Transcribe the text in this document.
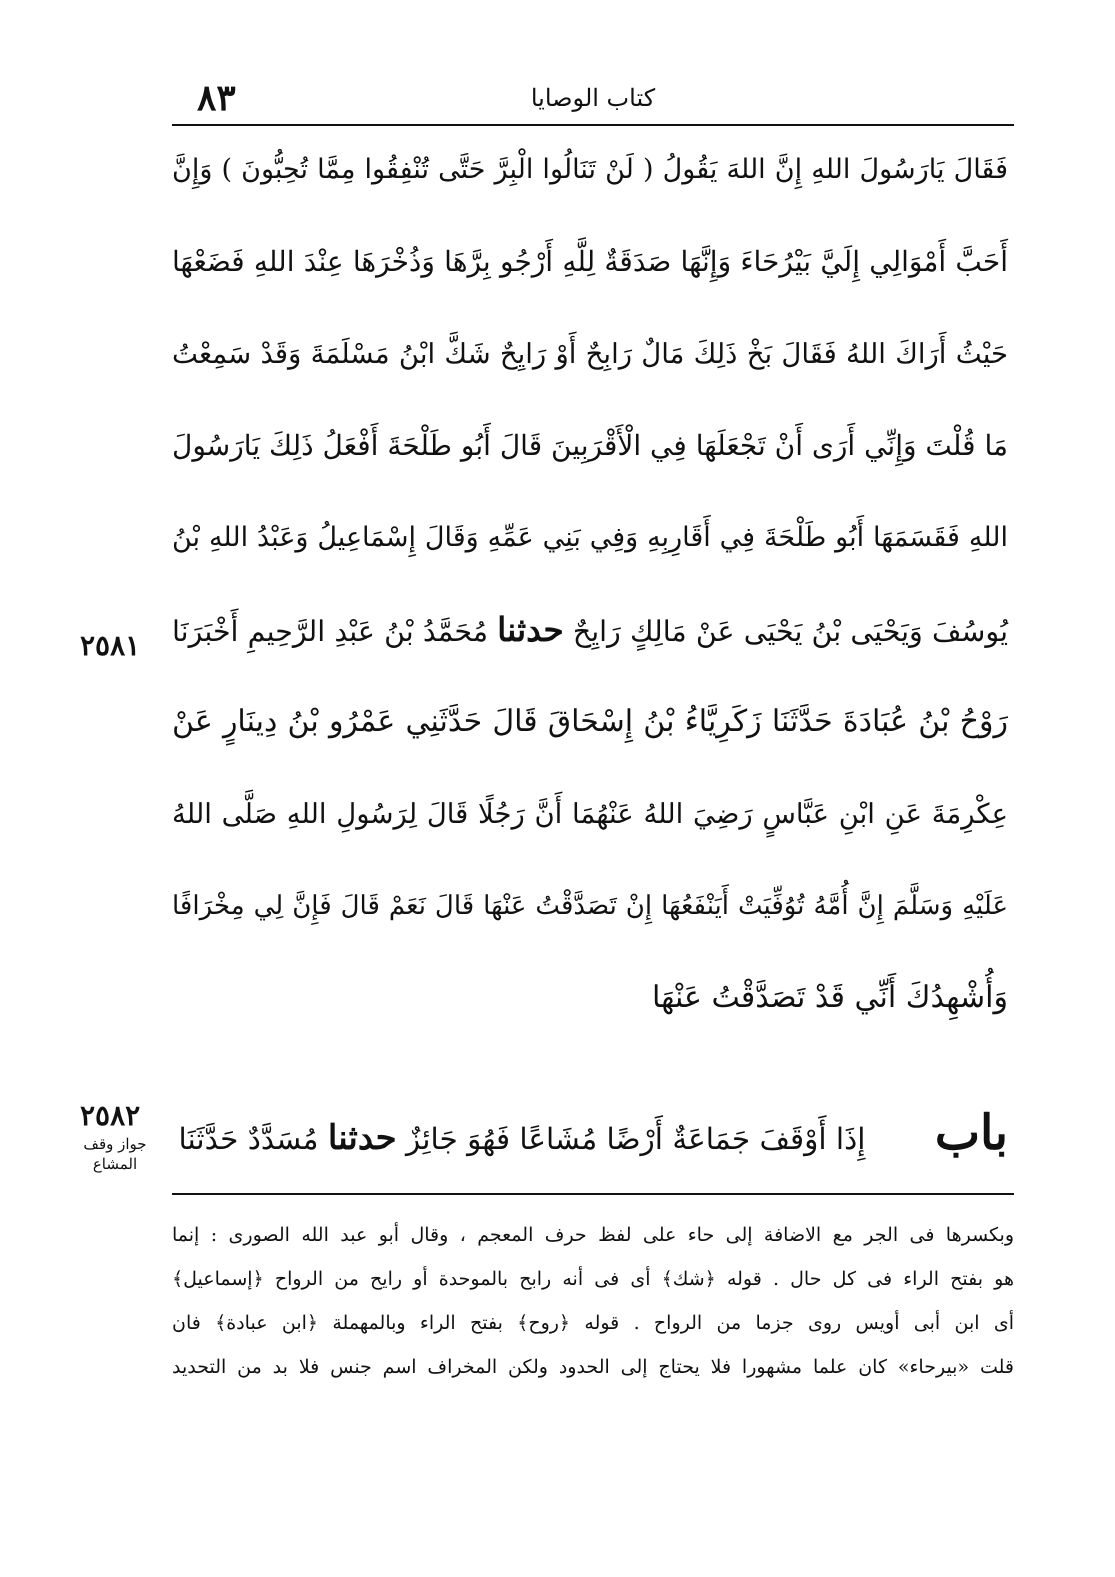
٨٣	كتاب الوصايا
فَقَالَ يَارَسُولَ اللهِ إِنَّ اللهَ يَقُولُ ( لَنْ تَنَالُوا الْبِرَّ حَتَّى تُنْفِقُوا مِمَّا تُحِبُّونَ ) وَإِنَّ
أَحَبَّ أَمْوَالِي إِلَيَّ بَيْرُحَاءَ وَإِنَّهَا صَدَقَةٌ لِلَّهِ أَرْجُو بِرَّهَا وَذُخْرَهَا عِنْدَ اللهِ فَضَعْهَا
حَيْثُ أَرَاكَ اللهُ فَقَالَ بَخْ ذَلِكَ مَالٌ رَابِحٌ أَوْ رَايِحٌ شَكَّ ابْنُ مَسْلَمَةَ وَقَدْ سَمِعْتُ
مَا قُلْتَ وَإِنِّي أَرَى أَنْ تَجْعَلَهَا فِي الْأَقْرَبِينَ قَالَ أَبُو طَلْحَةَ أَفْعَلُ ذَلِكَ يَارَسُولَ
اللهِ فَقَسَمَهَا أَبُو طَلْحَةَ فِي أَقَارِبِهِ وَفِي بَنِي عَمِّهِ وَقَالَ إِسْمَاعِيلُ وَعَبْدُ اللهِ بْنُ
يُوسُفَ وَيَحْيَى بْنُ يَحْيَى عَنْ مَالِكٍ رَايِحٌ حدثنا مُحَمَّدُ بْنُ عَبْدِ الرَّحِيمِ أَخْبَرَنَا
رَوْحُ بْنُ عُبَادَةَ حَدَّثَنَا زَكَرِيَّاءُ بْنُ إِسْحَاقَ قَالَ حَدَّثَنِي عَمْرُو بْنُ دِينَارٍ عَنْ
عِكْرِمَةَ عَنِ ابْنِ عَبَّاسٍ رَضِيَ اللهُ عَنْهُمَا أَنَّ رَجُلًا قَالَ لِرَسُولِ اللهِ صَلَّى اللهُ
عَلَيْهِ وَسَلَّمَ إِنَّ أُمَّهُ تُوُفِّيَتْ أَيَنْفَعُهَا إِنْ تَصَدَّقْتُ عَنْهَا قَالَ نَعَمْ قَالَ فَإِنَّ لِي مِخْرَافًا
وَأُشْهِدُكَ أَنِّي قَدْ تَصَدَّقْتُ عَنْهَا
٢٥٨١
٢٥٨٢
جواز وقف المشاع
باب إِذَا أَوْقَفَ جَمَاعَةٌ أَرْضًا مُشَاعًا فَهُوَ جَائِزٌ حدثنا مُسَدَّدٌ حَدَّثَنَا
وبكسرها فى الجر مع الاضافة إلى حاء على لفظ حرف المعجم ، وقال أبو عبد الله الصورى : إنما
هو بفتح الراء فى كل حال . قوله ﴿شك﴾ أى فى أنه رابح بالموحدة أو رايح من الرواح ﴿إسماعيل﴾
أى ابن أبى أويس روى جزما من الرواح . قوله ﴿روح﴾ بفتح الراء وبالمهملة ﴿ابن عبادة﴾ فان
قلت «بيرحاء» كان علما مشهورا فلا يحتاج إلى الحدود ولكن المخراف اسم جنس فلا بد من التحديد
